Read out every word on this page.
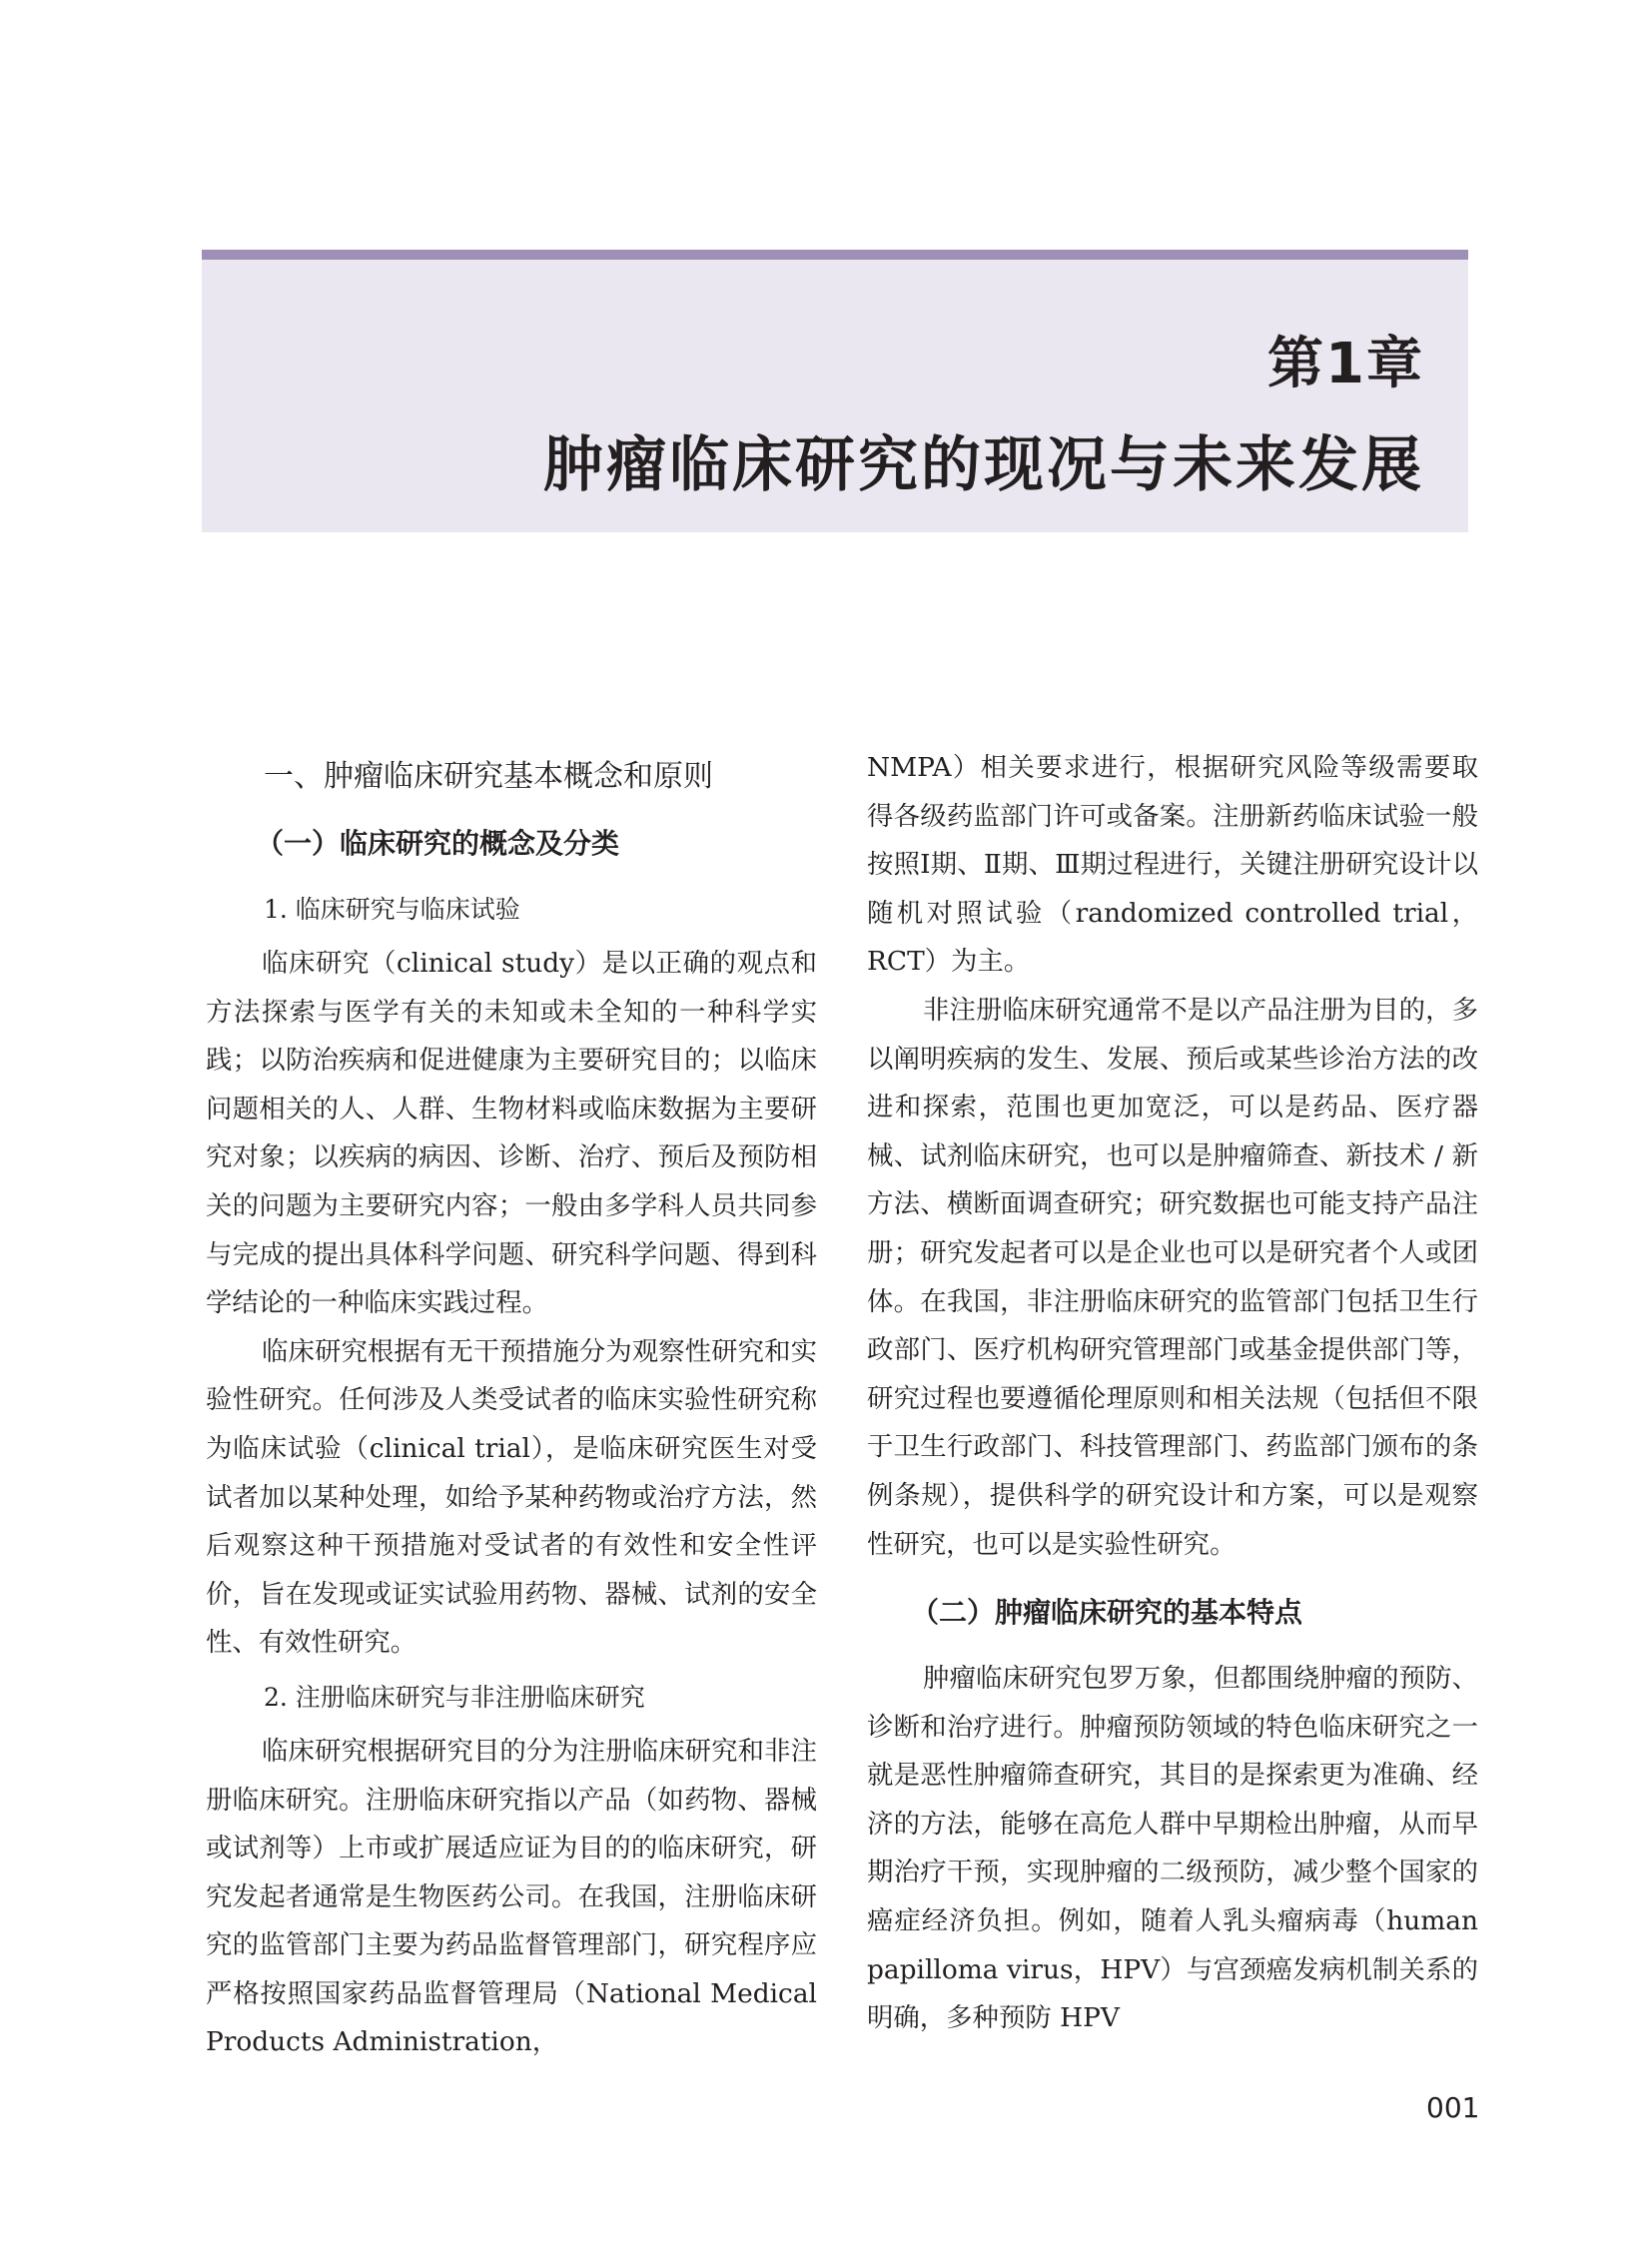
第1章
肿瘤临床研究的现况与未来发展
一、肿瘤临床研究基本概念和原则
（一）临床研究的概念及分类
1. 临床研究与临床试验

临床研究（clinical study）是以正确的观点和方法探索与医学有关的未知或未全知的一种科学实践；以防治疾病和促进健康为主要研究目的；以临床问题相关的人、人群、生物材料或临床数据为主要研究对象；以疾病的病因、诊断、治疗、预后及预防相关的问题为主要研究内容；一般由多学科人员共同参与完成的提出具体科学问题、研究科学问题、得到科学结论的一种临床实践过程。

临床研究根据有无干预措施分为观察性研究和实验性研究。任何涉及人类受试者的临床实验性研究称为临床试验（clinical trial），是临床研究医生对受试者加以某种处理，如给予某种药物或治疗方法，然后观察这种干预措施对受试者的有效性和安全性评价，旨在发现或证实试验用药物、器械、试剂的安全性、有效性研究。

2. 注册临床研究与非注册临床研究

临床研究根据研究目的分为注册临床研究和非注册临床研究。注册临床研究指以产品（如药物、器械或试剂等）上市或扩展适应证为目的的临床研究，研究发起者通常是生物医药公司。在我国，注册临床研究的监管部门主要为药品监督管理部门，研究程序应严格按照国家药品监督管理局（National Medical Products Administration，

NMPA）相关要求进行，根据研究风险等级需要取得各级药监部门许可或备案。注册新药临床试验一般按照Ⅰ期、Ⅱ期、Ⅲ期过程进行，关键注册研究设计以随机对照试验（randomized controlled trial，RCT）为主。

非注册临床研究通常不是以产品注册为目的，多以阐明疾病的发生、发展、预后或某些诊治方法的改进和探索，范围也更加宽泛，可以是药品、医疗器械、试剂临床研究，也可以是肿瘤筛查、新技术 / 新方法、横断面调查研究；研究数据也可能支持产品注册；研究发起者可以是企业也可以是研究者个人或团体。在我国，非注册临床研究的监管部门包括卫生行政部门、医疗机构研究管理部门或基金提供部门等，研究过程也要遵循伦理原则和相关法规（包括但不限于卫生行政部门、科技管理部门、药监部门颁布的条例条规），提供科学的研究设计和方案，可以是观察性研究，也可以是实验性研究。

（二）肿瘤临床研究的基本特点

肿瘤临床研究包罗万象，但都围绕肿瘤的预防、诊断和治疗进行。肿瘤预防领域的特色临床研究之一就是恶性肿瘤筛查研究，其目的是探索更为准确、经济的方法，能够在高危人群中早期检出肿瘤，从而早期治疗干预，实现肿瘤的二级预防，减少整个国家的癌症经济负担。例如，随着人乳头瘤病毒（human papilloma virus，HPV）与宫颈癌发病机制关系的明确，多种预防 HPV

001
